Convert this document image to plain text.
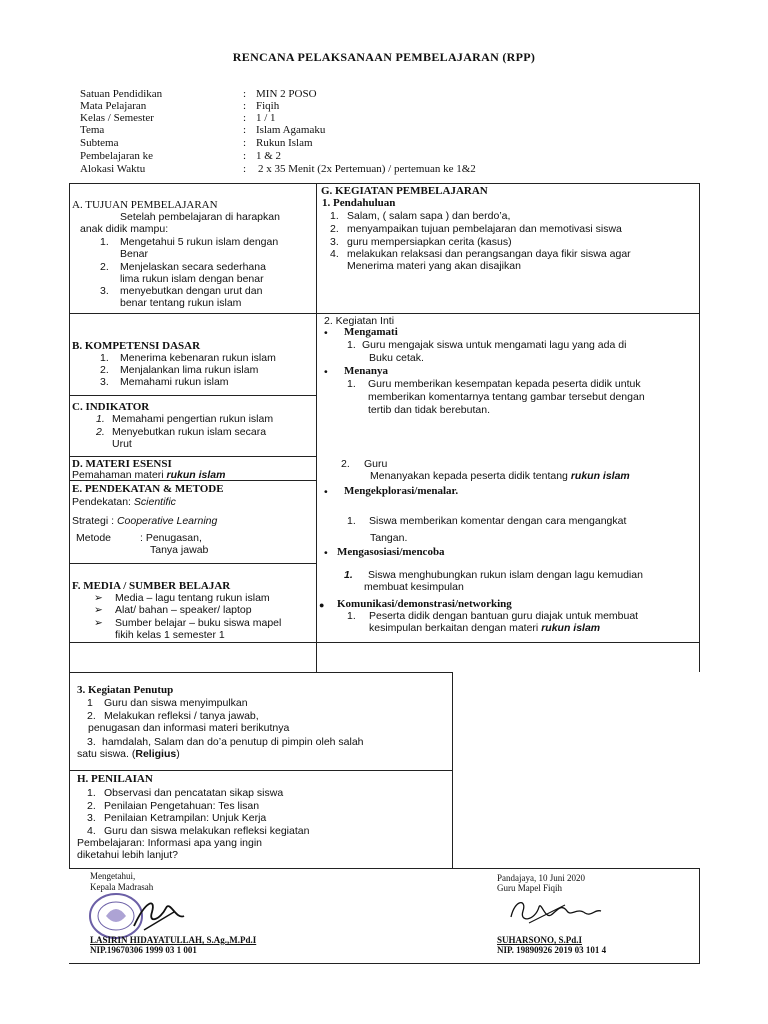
RENCANA PELAKSANAAN PEMBELAJARAN (RPP)
Satuan Pendidikan	: MIN 2 POSO
Mata Pelajaran	: Fiqih
Kelas / Semester	: 1 / 1
Tema	: Islam Agamaku
Subtema	: Rukun Islam
Pembelajaran ke	: 1 & 2
Alokasi Waktu	: 2 x 35 Menit (2x Pertemuan) / pertemuan ke 1&2
A. TUJUAN PEMBELAJARAN
Setelah pembelajaran di harapkan
anak didik mampu:
1. Mengetahui 5 rukun islam dengan
Benar
2. Menjelaskan secara sederhana
lima rukun islam dengan benar
3. menyebutkan dengan urut dan
benar tentang rukun islam
B. KOMPETENSI DASAR
1. Menerima kebenaran rukun islam
2. Menjalankan lima rukun islam
3. Memahami rukun islam
C. INDIKATOR
1. Memahami pengertian rukun islam
2. Menyebutkan rukun islam secara
Urut
D. MATERI ESENSI
Pemahaman materi rukun islam
E. PENDEKATAN & METODE
Pendekatan: Scientific
Strategi : Cooperative Learning
Metode	: Penugasan,
Tanya jawab
F. MEDIA / SUMBER BELAJAR
➢ Media – lagu tentang rukun islam
➢ Alat/ bahan – speaker/ laptop
➢ Sumber belajar – buku siswa mapel
fikih kelas 1 semester 1
G. KEGIATAN PEMBELAJARAN
1. Pendahuluan
1. Salam, ( salam sapa ) dan berdo’a,
2. menyampaikan tujuan pembelajaran dan memotivasi siswa
3. guru mempersiapkan cerita (kasus)
4. melakukan relaksasi dan perangsangan daya fikir siswa agar
Menerima materi yang akan disajikan
2. Kegiatan Inti
• Mengamati
1. Guru mengajak siswa untuk mengamati lagu yang ada di
Buku cetak.
• Menanya
1. Guru memberikan kesempatan kepada peserta didik untuk
memberikan komentarnya tentang gambar tersebut dengan
tertib dan tidak berebutan.
2. Guru
Menanyakan kepada peserta didik tentang rukun islam
• Mengekplorasi/menalar.
1. Siswa memberikan komentar dengan cara mengangkat
Tangan.
• Mengasosiasi/mencoba
1. Siswa menghubungkan rukun islam dengan lagu kemudian
membuat kesimpulan
● Komunikasi/demonstrasi/networking
1. Peserta didik dengan bantuan guru diajak untuk membuat
kesimpulan berkaitan dengan materi rukun islam
3. Kegiatan Penutup
1 Guru dan siswa menyimpulkan
2. Melakukan refleksi / tanya jawab,
penugasan dan informasi materi berikutnya
3. hamdalah, Salam dan do’a penutup di pimpin oleh salah
satu siswa. (Religius)
H. PENILAIAN
1. Observasi dan pencatatan sikap siswa
2. Penilaian Pengetahuan: Tes lisan
3. Penilaian Ketrampilan: Unjuk Kerja
4. Guru dan siswa melakukan refleksi kegiatan
Pembelajaran: Informasi apa yang ingin
diketahui lebih lanjut?
Mengetahui,
Kepala Madrasah
LASIRIN HIDAYATULLAH, S.Ag.,M.Pd.I
NIP.19670306 1999 03 1 001
Pandajaya, 10 Juni 2020
Guru Mapel Fiqih
SUHARSONO, S.Pd.I
NIP. 19890926 2019 03 101 4
